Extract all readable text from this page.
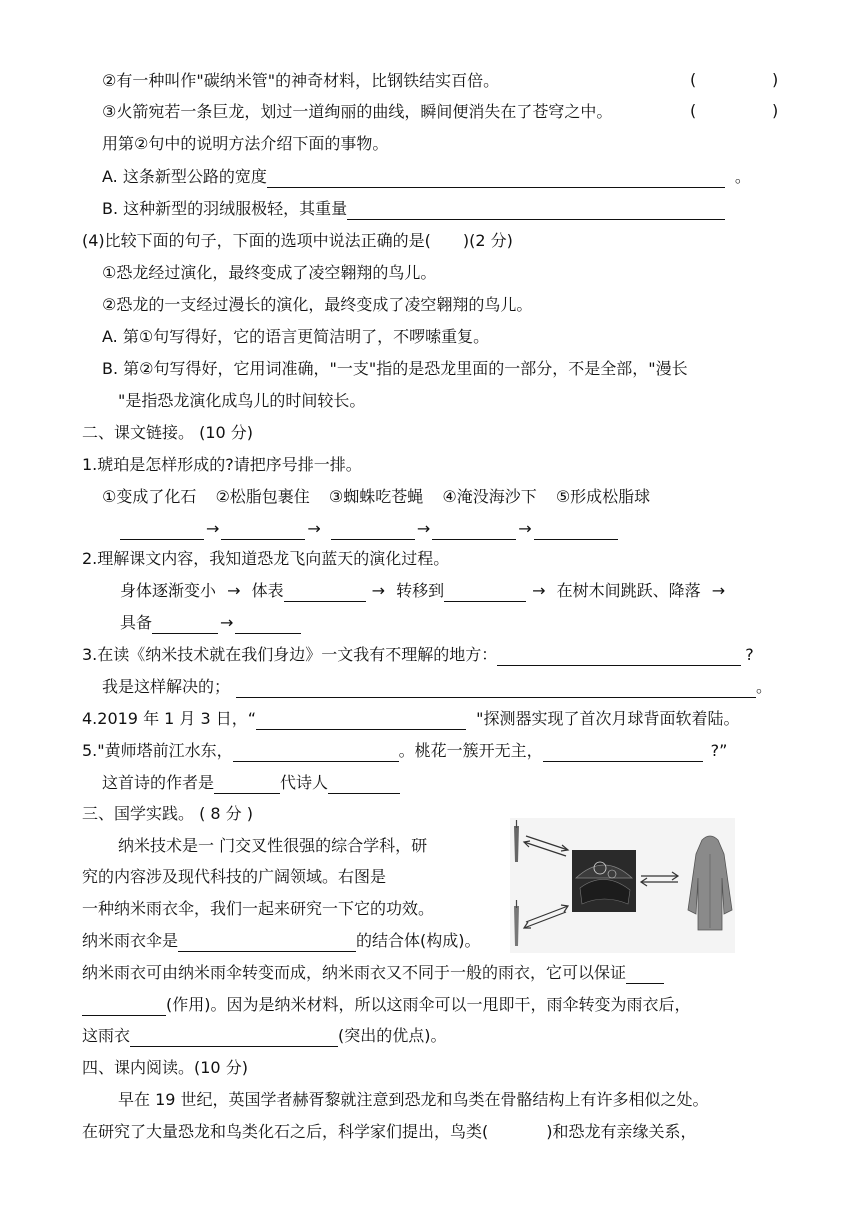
②有一种叫作"碳纳米管"的神奇材料，比钢铁结实百倍。	(	)
③火箭宛若一条巨龙，划过一道绚丽的曲线，瞬间便消失在了苍穹之中。	(	)
用第②句中的说明方法介绍下面的事物。
A. 这条新型公路的宽度	。
B. 这种新型的羽绒服极轻，其重量
(4)比较下面的句子，下面的选项中说法正确的是(　　)(2 分)
①恐龙经过演化，最终变成了凌空翱翔的鸟儿。
②恐龙的一支经过漫长的演化，最终变成了凌空翱翔的鸟儿。
A. 第①句写得好，它的语言更简洁明了，不啰嗦重复。
B. 第②句写得好，它用词准确，"一支"指的是恐龙里面的一部分，不是全部，"漫长
"是指恐龙演化成鸟儿的时间较长。
二、课文链接。 (10 分)
1.琥珀是怎样形成的?请把序号排一排。
①变成了化石 ②松脂包裹住 ③蜘蛛吃苍蝇 ④淹没海沙下 ⑤形成松脂球
→	→	→	→
2.理解课文内容，我知道恐龙飞向蓝天的演化过程。
身体逐渐变小 → 体表	→ 转移到	→ 在树木间跳跃、降落 →
具备	→
3.在读《纳米技术就在我们身边》一文我有不理解的地方：	?
我是这样解决的；	。
4.2019 年 1 月 3 日，“	"探测器实现了首次月球背面软着陆。
5."黄师塔前江水东，	。桃花一簇开无主，	?”
这首诗的作者是	代诗人
三、国学实践。 ( 8 分 )
纳米技术是一 门交叉性很强的综合学科，研
究的内容涉及现代科技的广阔领域。右图是
一种纳米雨衣伞，我们一起来研究一下它的功效。
纳米雨衣伞是	的结合体(构成)。
纳米雨衣可由纳米雨伞转变而成，纳米雨衣又不同于一般的雨衣，它可以保证
(作用)。因为是纳米材料，所以这雨伞可以一甩即干，雨伞转变为雨衣后，
这雨衣	(突出的优点)。
四、课内阅读。(10 分)
早在 19 世纪，英国学者赫胥黎就注意到恐龙和鸟类在骨骼结构上有许多相似之处。
在研究了大量恐龙和鸟类化石之后，科学家们提出，鸟类(	)和恐龙有亲缘关系，
